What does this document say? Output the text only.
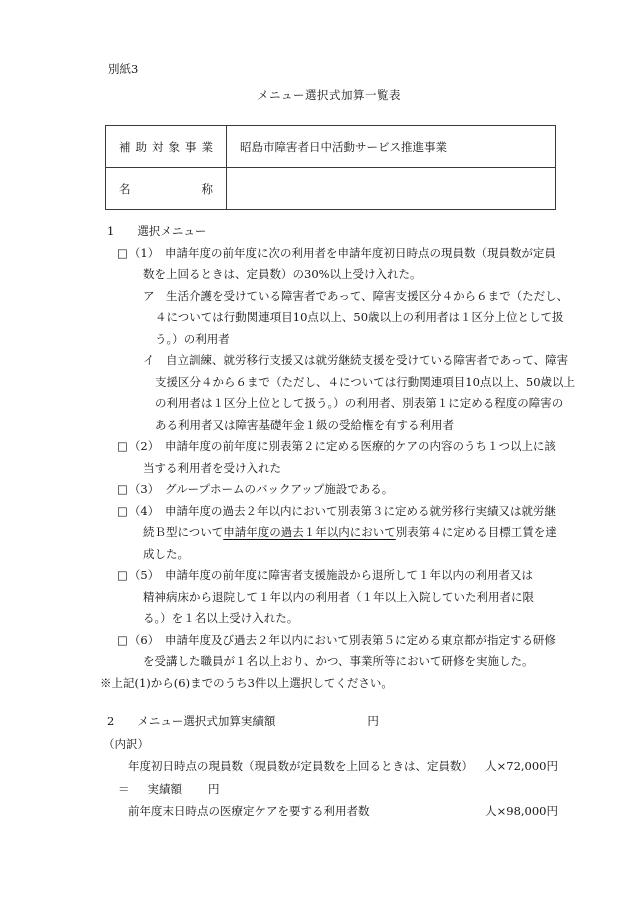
別紙3
メニュー選択式加算一覧表
補 助 対 象 事 業	昭島市障害者日中活動サービス推進事業
名 称	
1　　選択メニュー
□（1）　申請年度の前年度に次の利用者を申請年度初日時点の現員数（現員数が定員
数を上回るときは、定員数）の30%以上受け入れた。
ア　生活介護を受けている障害者であって、障害支援区分４から６まで（ただし、
４については行動関連項目10点以上、50歳以上の利用者は１区分上位として扱
う。）の利用者
イ　自立訓練、就労移行支援又は就労継続支援を受けている障害者であって、障害
支援区分４から６まで（ただし、４については行動関連項目10点以上、50歳以上
の利用者は１区分上位として扱う。）の利用者、別表第１に定める程度の障害の
ある利用者又は障害基礎年金１級の受給権を有する利用者
□（2）　申請年度の前年度に別表第２に定める医療的ケアの内容のうち１つ以上に該
当する利用者を受け入れた
□（3）　グループホームのバックアップ施設である。
□（4）　申請年度の過去２年以内において別表第３に定める就労移行実績又は就労継
続Ｂ型について申請年度の過去１年以内において別表第４に定める目標工賃を達
成した。
□（5）　申請年度の前年度に障害者支援施設から退所して１年以内の利用者又は
精神病床から退院して１年以内の利用者（１年以上入院していた利用者に限
る。）を１名以上受け入れた。
□（6）　申請年度及び過去２年以内において別表第５に定める東京都が指定する研修
を受講した職員が１名以上おり、かつ、事業所等において研修を実施した。
※上記(1)から(6)までのうち3件以上選択してください。
2　　メニュー選択式加算実績額	円
（内訳）
年度初日時点の現員数（現員数が定員数を上回るときは、定員数） 人×72,000円
＝ 実績額 円
前年度末日時点の医療定ケアを要する利用者数	人×98,000円
